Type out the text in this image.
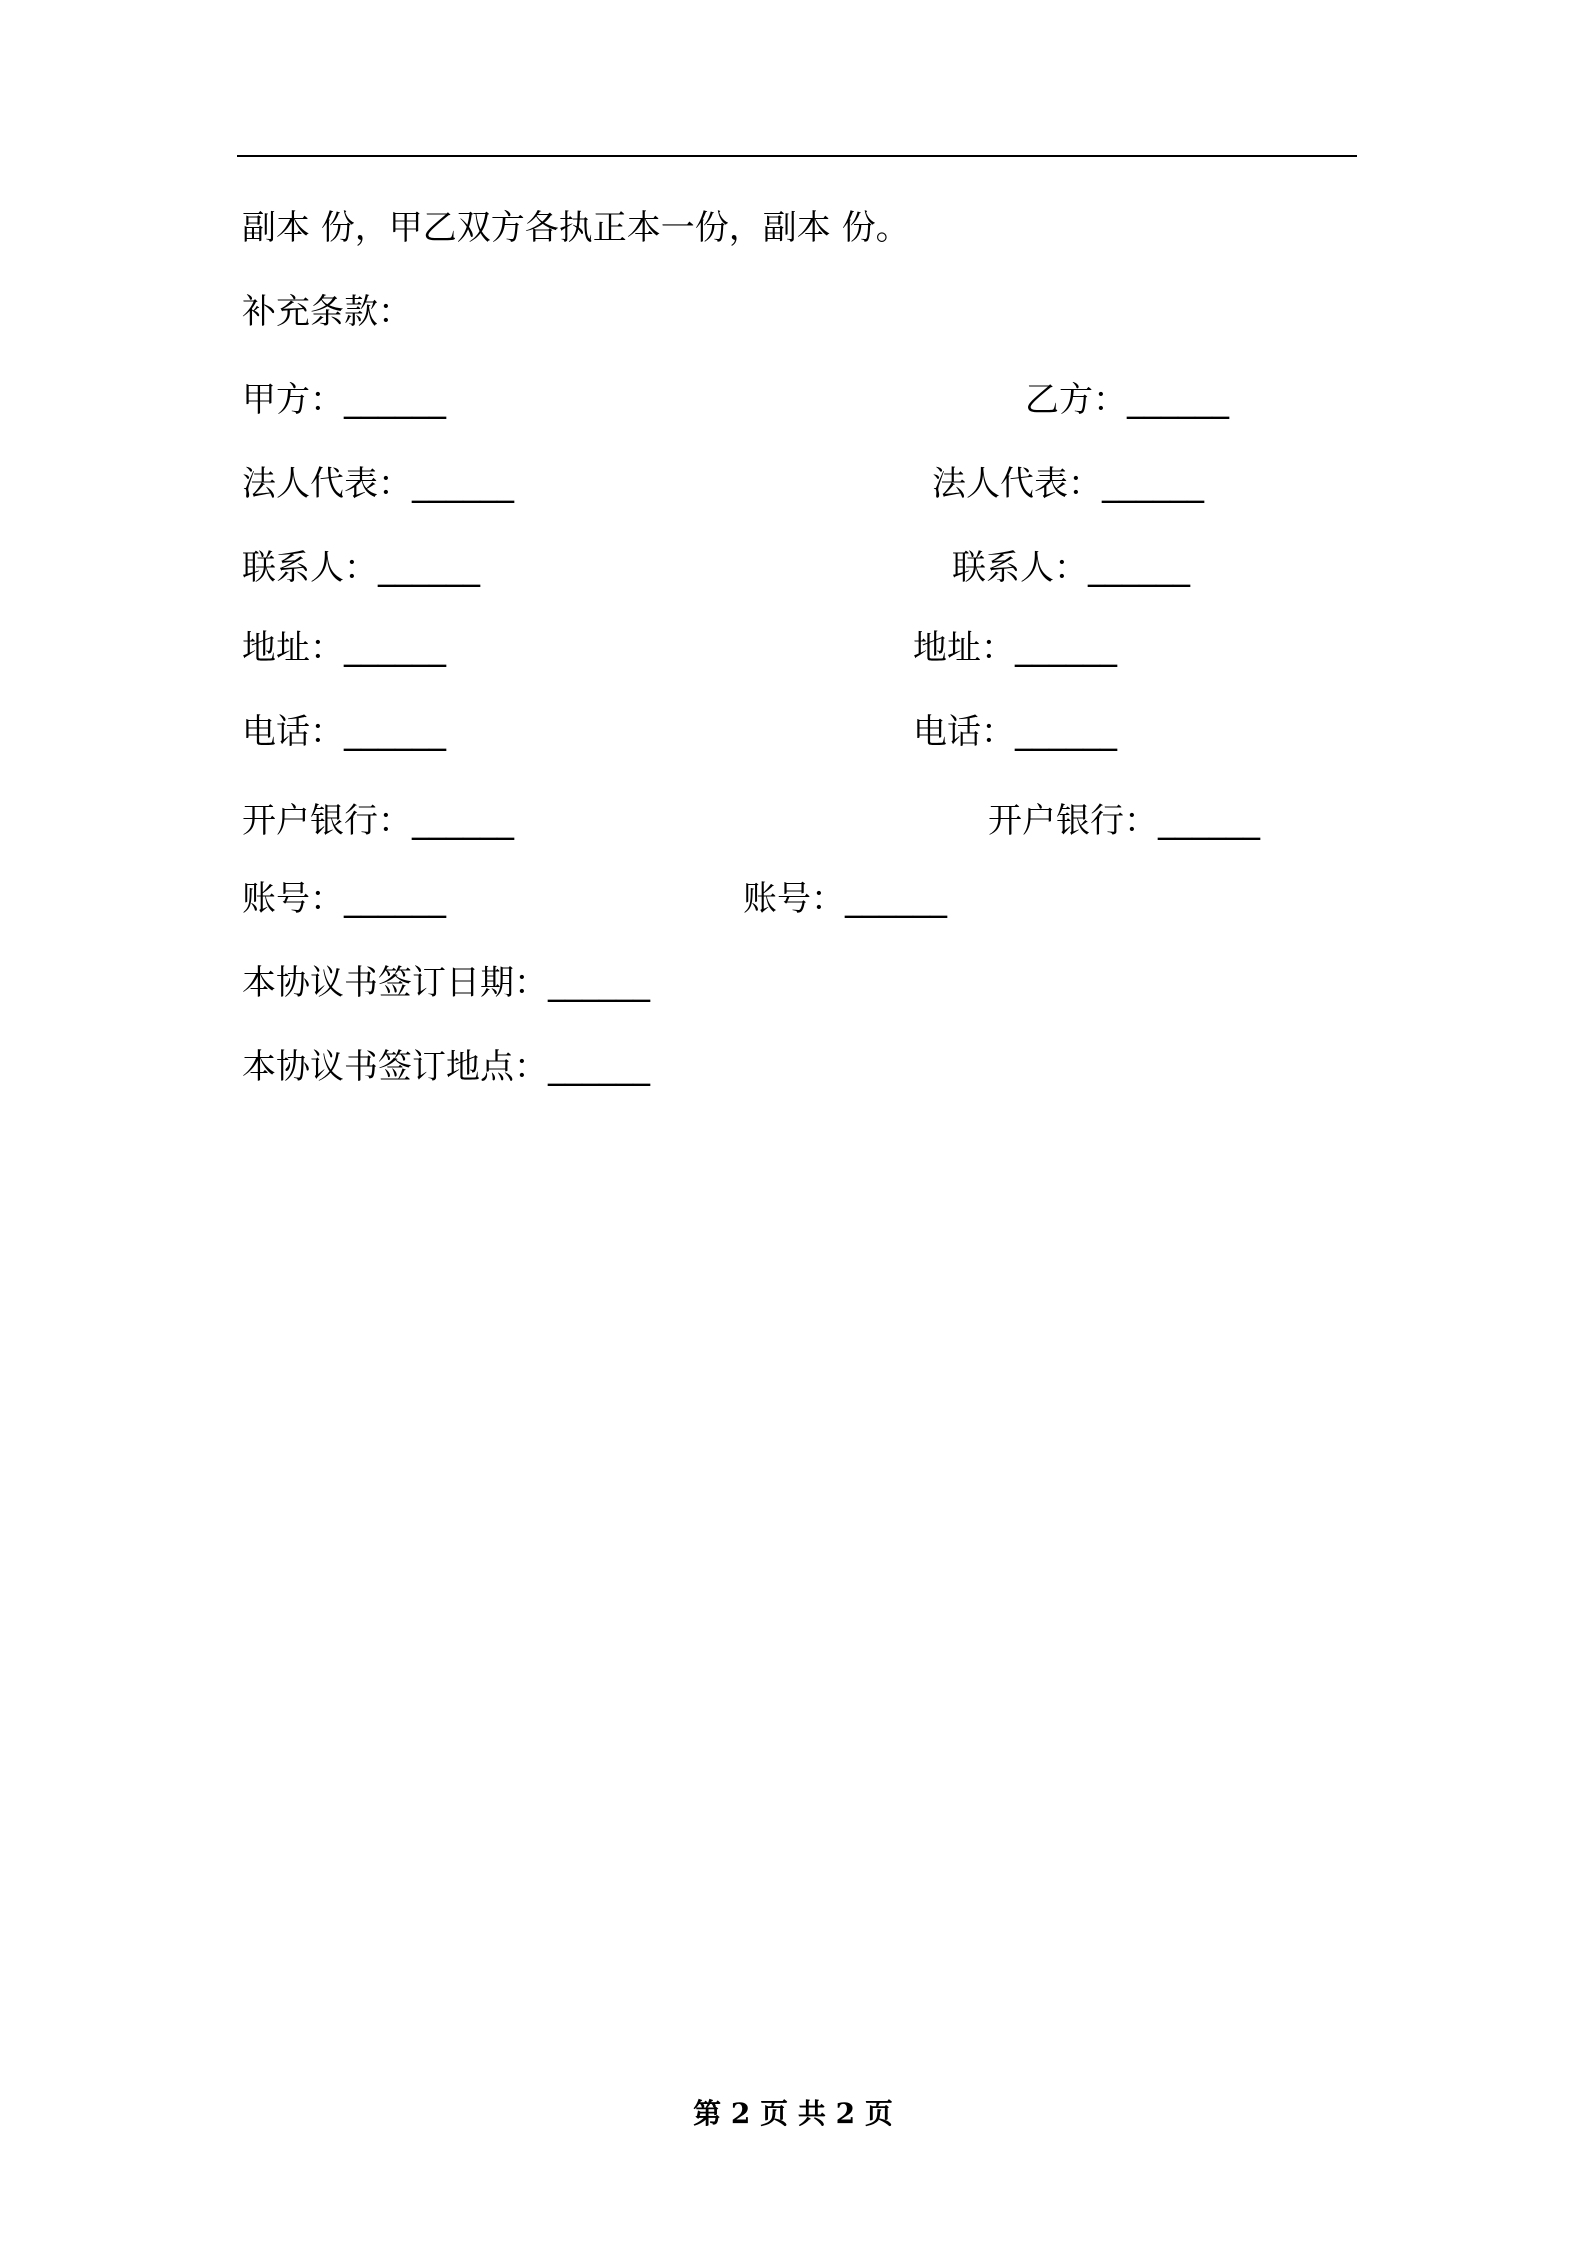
副本 份，甲乙双方各执正本一份，副本 份。
补充条款：
甲方：______	乙方：______
法人代表：______	法人代表：______
联系人：______	联系人：______
地址：______	地址：______
电话：______	电话：______
开户银行：______	开户银行：______
账号：______	账号：______
本协议书签订日期：______
本协议书签订地点：______
第 2 页 共 2 页
